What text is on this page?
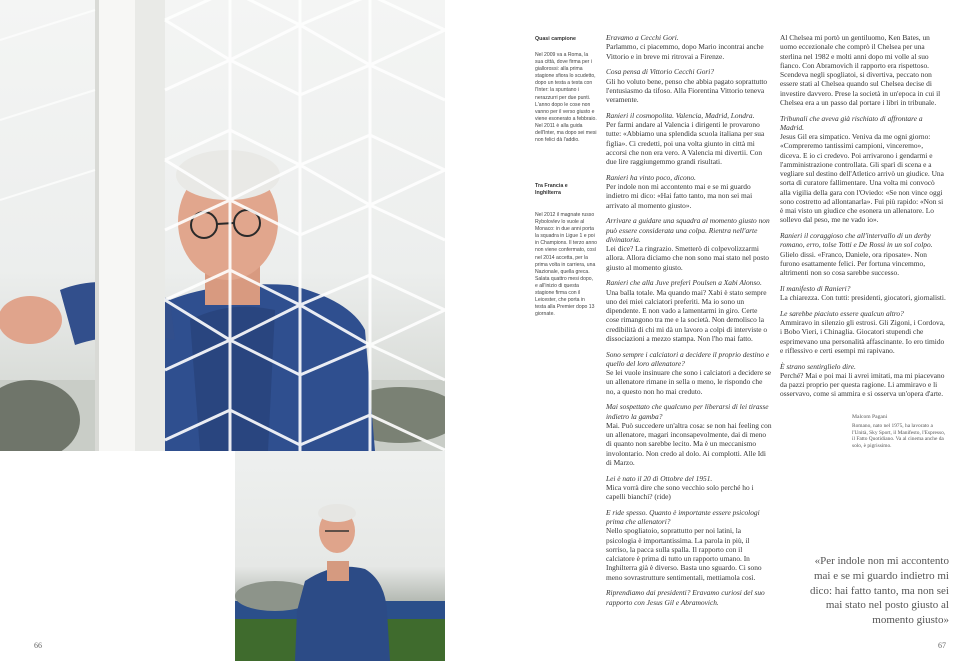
66
Quasi campione
Nel 2009 va a Roma, la sua città, dove firma per i giallorossi: alla prima stagione sfiora lo scudetto, dopo un testa a testa con l'Inter: la spuntano i nerazzurri per due punti. L'anno dopo le cose non vanno per il verso giusto e viene esonerato a febbraio. Nel 2011 è alla guida dell'Inter, ma dopo sei mesi non felici dà l'addio.
Tra Francia e Inghilterra
Nel 2012 il magnate russo Rybolovlev lo vuole al Monaco: in due anni porta la squadra in Ligue 1 e poi in Champions. Il terzo anno non viene confermato, così nel 2014 accetta, per la prima volta in carriera, una Nazionale, quella greca. Salata quattro mesi dopo, e all'inizio di questa stagione firma con il Leicester, che porta in testa alla Premier dopo 13 giornate.

Eravamo a Cecchi Gori.
Parlammo, ci piacemmo, dopo Mario incontrai anche Vittorio e in breve mi ritrovai a Firenze.

Cosa pensa di Vittorio Cecchi Gori?
Gli ho voluto bene, penso che abbia pagato soprattutto l'entusiasmo da tifoso. Alla Fiorentina Vittorio teneva veramente.

Ranieri il cosmopolita. Valencia, Madrid, Londra.
Per farmi andare al Valencia i dirigenti le provarono tutte: «Abbiamo una splendida scuola italiana per sua figlia». Ci credetti, poi una volta giunto in città mi accorsi che non era vero. A Valencia mi divertii. Con due lire raggiungemmo grandi risultati.

Ranieri ha vinto poco, dicono.
Per indole non mi accontento mai e se mi guardo indietro mi dico: «Hai fatto tanto, ma non sei mai arrivato al momento giusto».

Arrivare a guidare una squadra al momento giusto non può essere considerata una colpa. Rientra nell'arte divinatoria.
Lei dice? La ringrazio. Smetterò di colpevolizzarmi allora. Allora diciamo che non sono mai stato nel posto giusto al momento giusto.

Ranieri che alla Juve preferì Poulsen a Xabi Alonso.
Una balla totale. Ma quando mai? Xabi è stato sempre uno dei miei calciatori preferiti. Ma io sono un dipendente. E non vado a lamentarmi in giro. Certe cose rimangono tra me e la società. Non demolisco la credibilità di chi mi dà un lavoro a colpi di interviste o dissociazioni a mezzo stampa. Non l'ho mai fatto.

Sono sempre i calciatori a decidere il proprio destino e quello del loro allenatore?
Se lei vuole insinuare che sono i calciatori a decidere se un allenatore rimane in sella o meno, le rispondo che no, a questo non ho mai creduto.

Mai sospettato che qualcuno per liberarsi di lei tirasse indietro la gamba?
Mai. Può succedere un'altra cosa: se non hai feeling con un allenatore, magari inconsapevolmente, dai di meno di quanto non sarebbe lecito. Ma è un meccanismo involontario. Non credo al dolo. Ai complotti. Alle Idi di Marzo.

Lei è nato il 20 di Ottobre del 1951.
Mica vorrà dire che sono vecchio solo perché ho i capelli bianchi? (ride)

E ride spesso. Quanto è importante essere psicologi prima che allenatori?
Nello spogliatoio, soprattutto per noi latini, la psicologia è importantissima. La parola in più, il sorriso, la pacca sulla spalla. Il rapporto con il calciatore è prima di tutto un rapporto umano. In Inghilterra già è diverso. Basta uno sguardo. Ci sono meno sovrastrutture sentimentali, mettiamola così.

Riprendiamo dai presidenti? Eravamo curiosi del suo rapporto con Jesus Gil e Abramovich.

Al Chelsea mi portò un gentiluomo, Ken Bates, un uomo eccezionale che comprò il Chelsea per una sterlina nel 1982 e molti anni dopo mi volle al suo fianco. Con Abramovich il rapporto era rispettoso. Scendeva negli spogliatoi, si divertiva, peccato non essere stati al Chelsea quando sul Chelsea decise di investire davvero. Prese la società in un'epoca in cui il Chelsea era a un passo dal portare i libri in tribunale.

Tribunali che aveva già rischiato di affrontare a Madrid.
Jesus Gil era simpatico. Veniva da me ogni giorno: «Compreremo tantissimi campioni, vinceremo», diceva. E io ci credevo. Poi arrivarono i gendarmi e l'amministrazione controllata. Gli sparì di scena e a vegliare sul destino dell'Atletico arrivò un giudice. Una sorta di curatore fallimentare. Una volta mi convocò alla vigilia della gara con l'Oviedo: «Se non vince oggi sono costretto ad allontanarla». Fui più rapido: «Non si è mai visto un giudice che esonera un allenatore. Lo sollevo dal peso, me ne vado io».

Ranieri il coraggioso che all'intervallo di un derby romano, erro, tolse Totti e De Rossi in un sol colpo.
Glielo dissi. «Franco, Daniele, ora riposate». Non furono esattamente felici. Per fortuna vincemmo, altrimenti non so cosa sarebbe successo.

Il manifesto di Ranieri?
La chiarezza. Con tutti: presidenti, giocatori, giornalisti.

Le sarebbe piaciuto essere qualcun altro?
Ammiravo in silenzio gli estrosi. Gli Zigoni, i Cordova, i Bobo Vieri, i Chinaglia. Giocatori stupendi che esprimevano una personalità affascinante. Io ero timido e riflessivo e certi esempi mi rapivano.

È strano sentirglielo dire.
Perché? Mai e poi mai li avrei imitati, ma mi piacevano da pazzi proprio per questa ragione. Li ammiravo e li osservavo, come si ammira e si osserva un'opera d'arte.

Malcom Pagani
Romano, nato nel 1975, ha lavorato a l'Unità, Sky Sport, il Manifesto, l'Espresso, il Fatto Quotidiano. Va al cinema anche da solo, è pigrissimo.
«Per indole non mi accontento mai e se mi guardo indietro mi dico: hai fatto tanto, ma non sei mai stato nel posto giusto al momento giusto»
67
